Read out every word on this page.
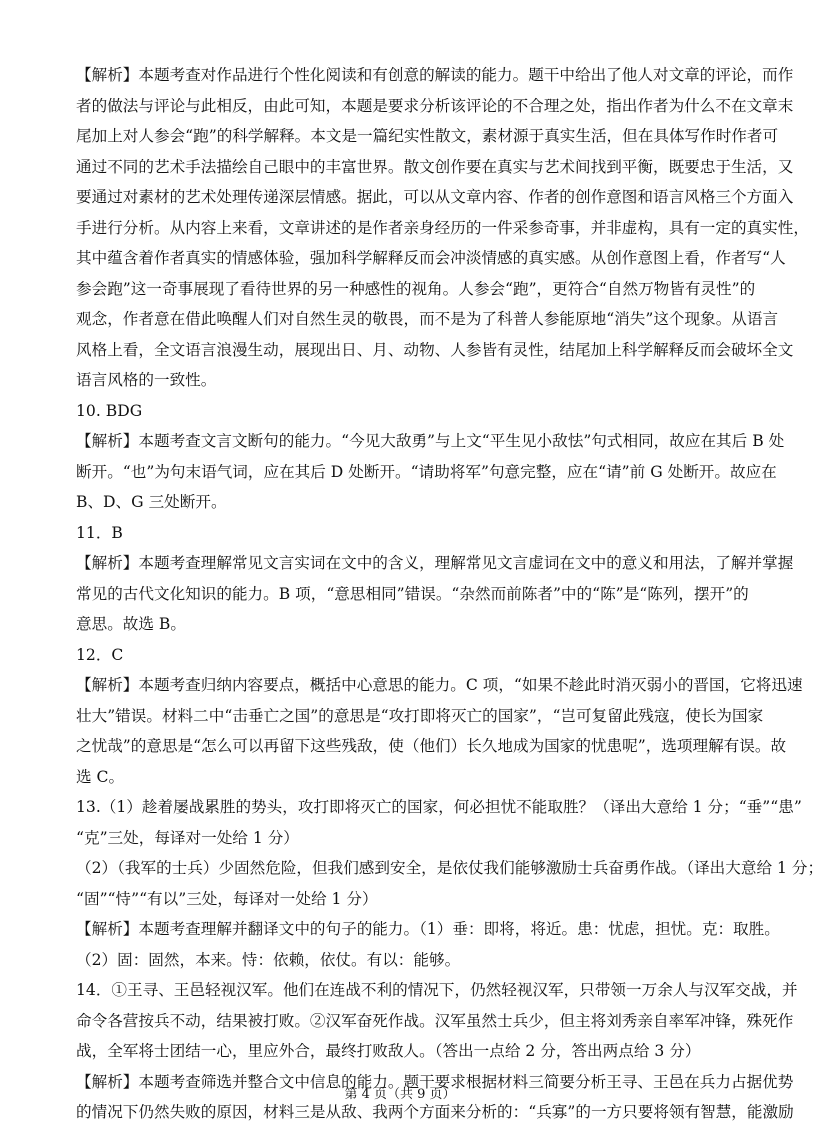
【解析】本题考查对作品进行个性化阅读和有创意的解读的能力。题干中给出了他人对文章的评论，而作
者的做法与评论与此相反，由此可知，本题是要求分析该评论的不合理之处，指出作者为什么不在文章末
尾加上对人参会“跑”的科学解释。本文是一篇纪实性散文，素材源于真实生活，但在具体写作时作者可
通过不同的艺术手法描绘自己眼中的丰富世界。散文创作要在真实与艺术间找到平衡，既要忠于生活，又
要通过对素材的艺术处理传递深层情感。据此，可以从文章内容、作者的创作意图和语言风格三个方面入
手进行分析。从内容上来看，文章讲述的是作者亲身经历的一件采参奇事，并非虚构，具有一定的真实性，
其中蕴含着作者真实的情感体验，强加科学解释反而会冲淡情感的真实感。从创作意图上看，作者写“人
参会跑”这一奇事展现了看待世界的另一种感性的视角。人参会“跑”，更符合“自然万物皆有灵性”的
观念，作者意在借此唤醒人们对自然生灵的敬畏，而不是为了科普人参能原地“消失”这个现象。从语言
风格上看，全文语言浪漫生动，展现出日、月、动物、人参皆有灵性，结尾加上科学解释反而会破坏全文
语言风格的一致性。
10. BDG
【解析】本题考查文言文断句的能力。“今见大敌勇”与上文“平生见小敌怯”句式相同，故应在其后 B 处
断开。“也”为句末语气词，应在其后 D 处断开。“请助将军”句意完整，应在“请”前 G 处断开。故应在
B、D、G 三处断开。
11．B
【解析】本题考查理解常见文言实词在文中的含义，理解常见文言虚词在文中的意义和用法，了解并掌握
常见的古代文化知识的能力。B 项，“意思相同”错误。“杂然而前陈者”中的“陈”是“陈列，摆开”的
意思。故选 B。
12．C
【解析】本题考查归纳内容要点，概括中心意思的能力。C 项，“如果不趁此时消灭弱小的晋国，它将迅速
壮大”错误。材料二中“击垂亡之国”的意思是“攻打即将灭亡的国家”，“岂可复留此残寇，使长为国家
之忧哉”的意思是“怎么可以再留下这些残敌，使（他们）长久地成为国家的忧患呢”，选项理解有误。故
选 C。
13.（1）趁着屡战累胜的势头，攻打即将灭亡的国家，何必担忧不能取胜？（译出大意给 1 分；“垂”“患”
“克”三处，每译对一处给 1 分）
（2）（我军的士兵）少固然危险，但我们感到安全，是依仗我们能够激励士兵奋勇作战。（译出大意给 1 分；
“固”“恃”“有以”三处，每译对一处给 1 分）
【解析】本题考查理解并翻译文中的句子的能力。（1）垂：即将，将近。患：忧虑，担忧。克：取胜。
（2）固：固然，本来。恃：依赖，依仗。有以：能够。
14．①王寻、王邑轻视汉军。他们在连战不利的情况下，仍然轻视汉军，只带领一万余人与汉军交战，并
命令各营按兵不动，结果被打败。②汉军奋死作战。汉军虽然士兵少，但主将刘秀亲自率军冲锋，殊死作
战，全军将士团结一心，里应外合，最终打败敌人。（答出一点给 2 分，答出两点给 3 分）
【解析】本题考查筛选并整合文中信息的能力。题干要求根据材料三简要分析王寻、王邑在兵力占据优势
的情况下仍然失败的原因，材料三是从敌、我两个方面来分析的：“兵寡”的一方只要将领有智慧，能激励
第 4 页（共 9 页）
